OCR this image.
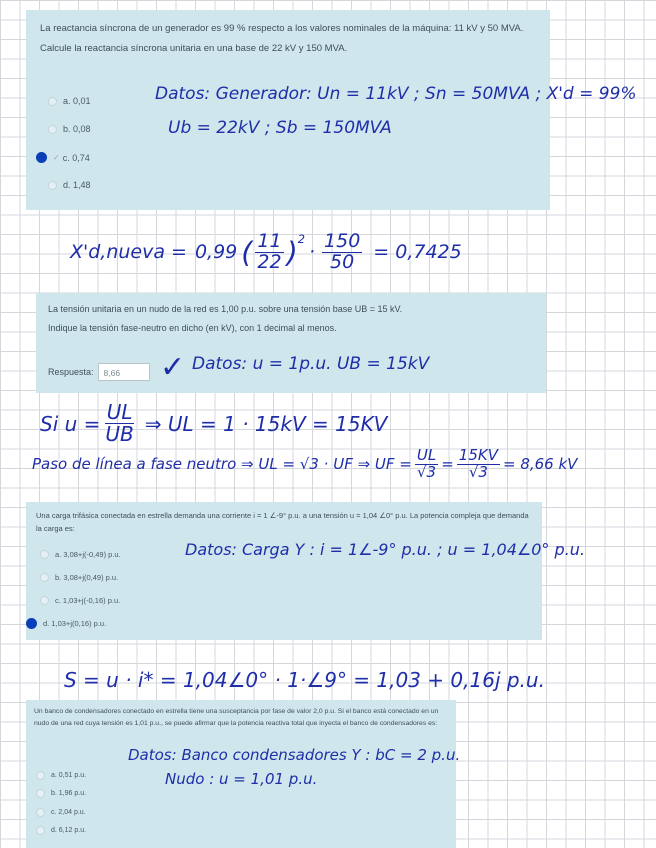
La reactancia síncrona de un generador es 99 % respecto a los valores nominales de la máquina: 11 kV y 50 MVA.

Calcule la reactancia síncrona unitaria en una base de 22 kV y 150 MVA.

a. 0,01
b. 0,08
✓ c. 0,74
d. 1,48
Datos: Generador: Un = 11kV ; Sn = 50MVA ; X'd = 99%
Ub = 22kV ; Sb = 150MVA
X'd,nueva = 0,99 ( $\frac{11}{22}$ ) 2
· $\frac{150}{50} = 0,7425$

La tensión unitaria en un nudo de la red es 1,00 p.u. sobre una tensión base UB = 15 kV.

Indique la tensión fase-neutro en dicho (en kV), con 1 decimal al menos.

Respuesta:	8,66	✓ Datos: u = 1p.u. UB = 15kV
Si $u = \frac{UL}{UB}$ ⇒ UL = 1 · 15kV = 15KV
Paso de línea a fase neutro ⇒ UL = √3 · UF ⇒ UF = $\frac{UL}{√3} = \frac{15KV}{√3} = 8,66$ kV

Una carga trifásica conectada en estrella demanda una corriente i = 1 ∠-9° p.u. a una tensión u = 1,04 ∠0° p.u. La potencia compleja que demanda la carga es:

a. 3,08+j(-0,49) p.u.
b. 3,08+j(0,49) p.u.
c. 1,03+j(-0,16) p.u.
d. 1,03+j(0,16) p.u.
Datos: Carga Y : i = 1∠-9° p.u. ; u = 1,04∠0° p.u.
S = u · i* = 1,04∠0° · 1·∠9° = 1,03 + 0,16j p.u.

Un banco de condensadores conectado en estrella tiene una susceptancia por fase de valor 2,0 p.u. Si el banco está conectado en un nudo de una red cuya tensión es 1,01 p.u., se puede afirmar que la potencia reactiva total que inyecta el banco de condensadores es:

a. 0,51 p.u.
b. 1,96 p.u.
c. 2,04 p.u.
d. 6,12 p.u.
Datos: Banco condensadores Y : bC = 2 p.u.
Nudo : u = 1,01 p.u.
